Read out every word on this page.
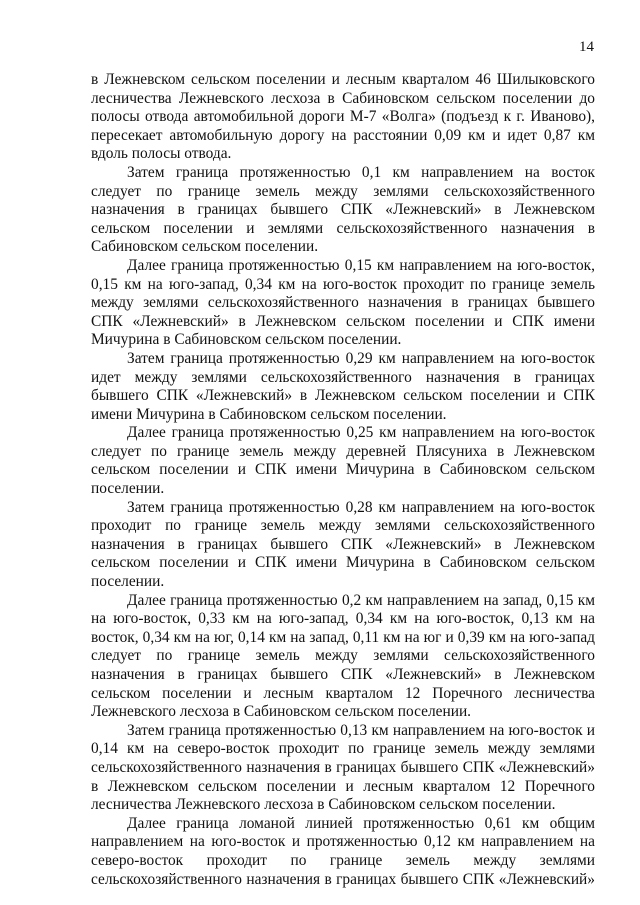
14

в Лежневском сельском поселении и лесным кварталом 46 Шилыковского лесничества Лежневского лесхоза в Сабиновском сельском поселении до полосы отвода автомобильной дороги М-7 «Волга» (подъезд к г. Иваново), пересекает автомобильную дорогу на расстоянии 0,09 км и идет 0,87 км вдоль полосы отвода.

Затем граница протяженностью 0,1 км направлением на восток следует по границе земель между землями сельскохозяйственного назначения в границах бывшего СПК «Лежневский» в Лежневском сельском поселении и землями сельскохозяйственного назначения в Сабиновском сельском поселении.

Далее граница протяженностью 0,15 км направлением на юго-восток, 0,15 км на юго-запад, 0,34 км на юго-восток проходит по границе земель между землями сельскохозяйственного назначения в границах бывшего СПК «Лежневский» в Лежневском сельском поселении и СПК имени Мичурина в Сабиновском сельском поселении.

Затем граница протяженностью 0,29 км направлением на юго-восток идет между землями сельскохозяйственного назначения в границах бывшего СПК «Лежневский» в Лежневском сельском поселении и СПК имени Мичурина в Сабиновском сельском поселении.

Далее граница протяженностью 0,25 км направлением на юго-восток следует по границе земель между деревней Плясуниха в Лежневском сельском поселении и СПК имени Мичурина в Сабиновском сельском поселении.

Затем граница протяженностью 0,28 км направлением на юго-восток проходит по границе земель между землями сельскохозяйственного назначения в границах бывшего СПК «Лежневский» в Лежневском сельском поселении и СПК имени Мичурина в Сабиновском сельском поселении.

Далее граница протяженностью 0,2 км направлением на запад, 0,15 км на юго-восток, 0,33 км на юго-запад, 0,34 км на юго-восток, 0,13 км на восток, 0,34 км на юг, 0,14 км на запад, 0,11 км на юг и 0,39 км на юго-запад следует по границе земель между землями сельскохозяйственного назначения в границах бывшего СПК «Лежневский» в Лежневском сельском поселении и лесным кварталом 12 Поречного лесничества Лежневского лесхоза в Сабиновском сельском поселении.

Затем граница протяженностью 0,13 км направлением на юго-восток и 0,14 км на северо-восток проходит по границе земель между землями сельскохозяйственного назначения в границах бывшего СПК «Лежневский» в Лежневском сельском поселении и лесным кварталом 12 Поречного лесничества Лежневского лесхоза в Сабиновском сельском поселении.

Далее граница ломаной линией протяженностью 0,61 км общим направлением на юго-восток и протяженностью 0,12 км направлением на северо-восток проходит по границе земель между землями сельскохозяйственного назначения в границах бывшего СПК «Лежневский»
